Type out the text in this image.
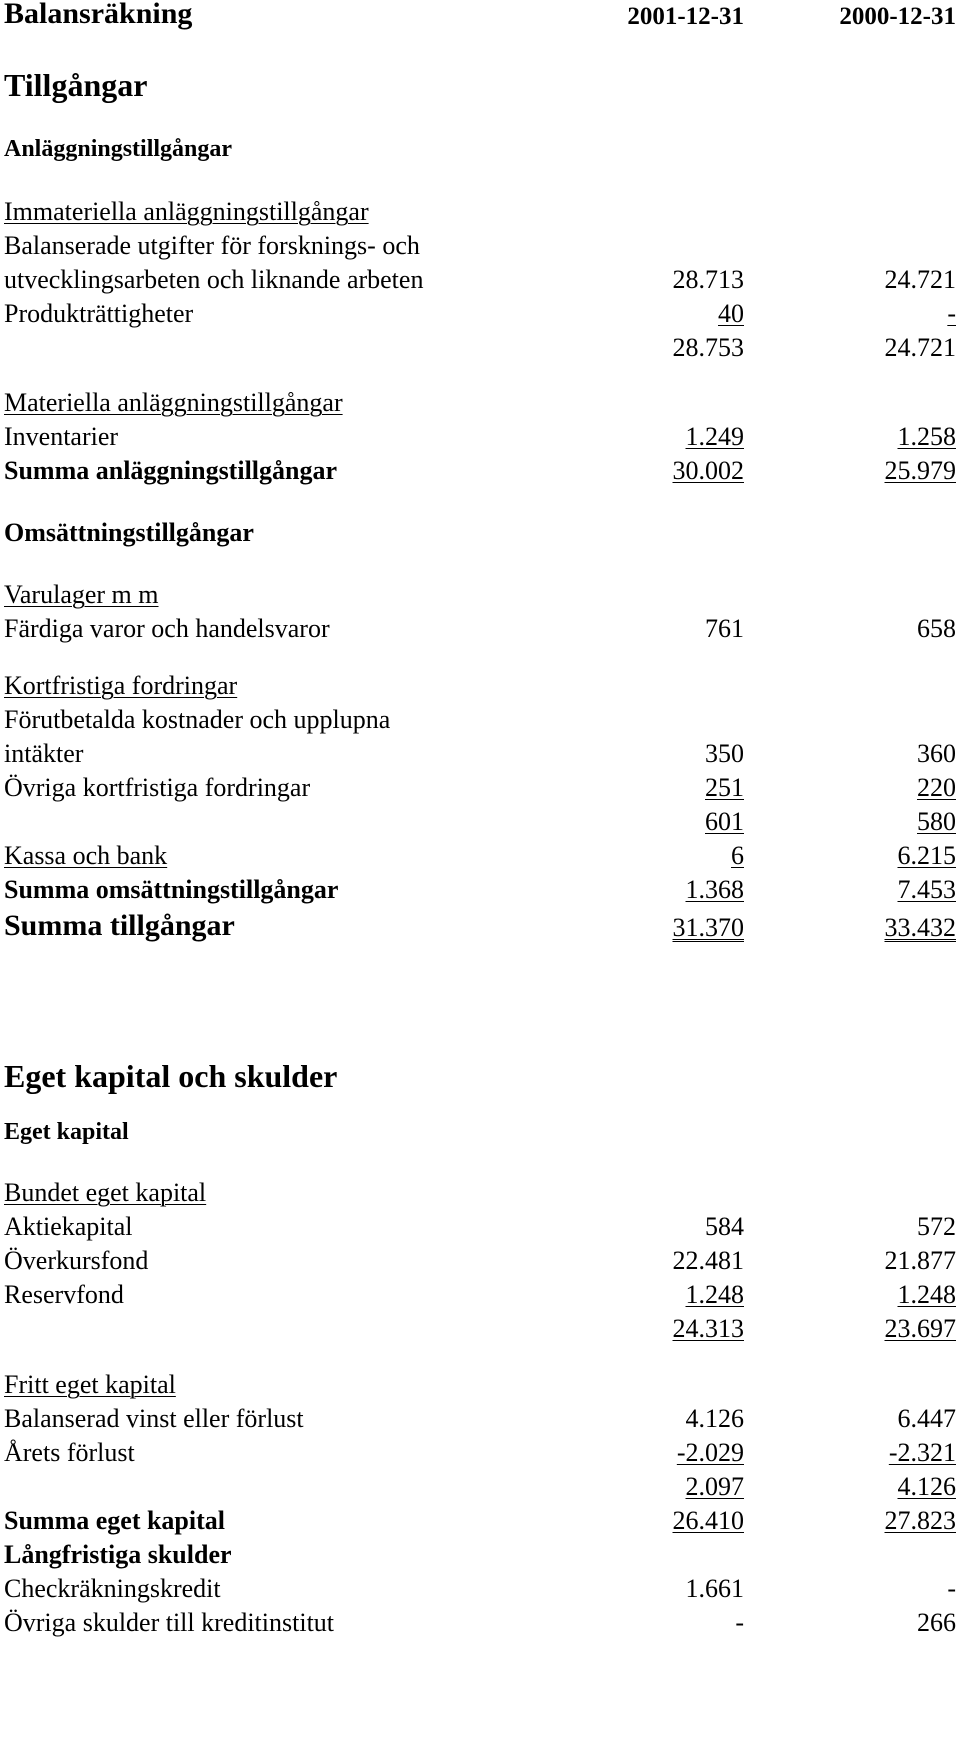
Balansräkning	2001-12-31	2000-12-31
Tillgångar
Anläggningstillgångar
Immateriella anläggningstillgångar
Balanserade utgifter för forsknings- och
utvecklingsarbeten och liknande arbeten	28.713	24.721
Produkträttigheter	40	-
28.753	24.721
Materiella anläggningstillgångar
Inventarier	1.249	1.258
Summa anläggningstillgångar	30.002	25.979
Omsättningstillgångar
Varulager m m
Färdiga varor och handelsvaror	761	658
Kortfristiga fordringar
Förutbetalda kostnader och upplupna
intäkter	350	360
Övriga kortfristiga fordringar	251	220
601	580
Kassa och bank	6	6.215
Summa omsättningstillgångar	1.368	7.453
Summa tillgångar	31.370	33.432
Eget kapital och skulder
Eget kapital
Bundet eget kapital
Aktiekapital	584	572
Överkursfond	22.481	21.877
Reservfond	1.248	1.248
24.313	23.697
Fritt eget kapital
Balanserad vinst eller förlust	4.126	6.447
Årets förlust	-2.029	-2.321
2.097	4.126
Summa eget kapital	26.410	27.823
Långfristiga skulder
Checkräkningskredit	1.661	-
Övriga skulder till kreditinstitut	-	266
